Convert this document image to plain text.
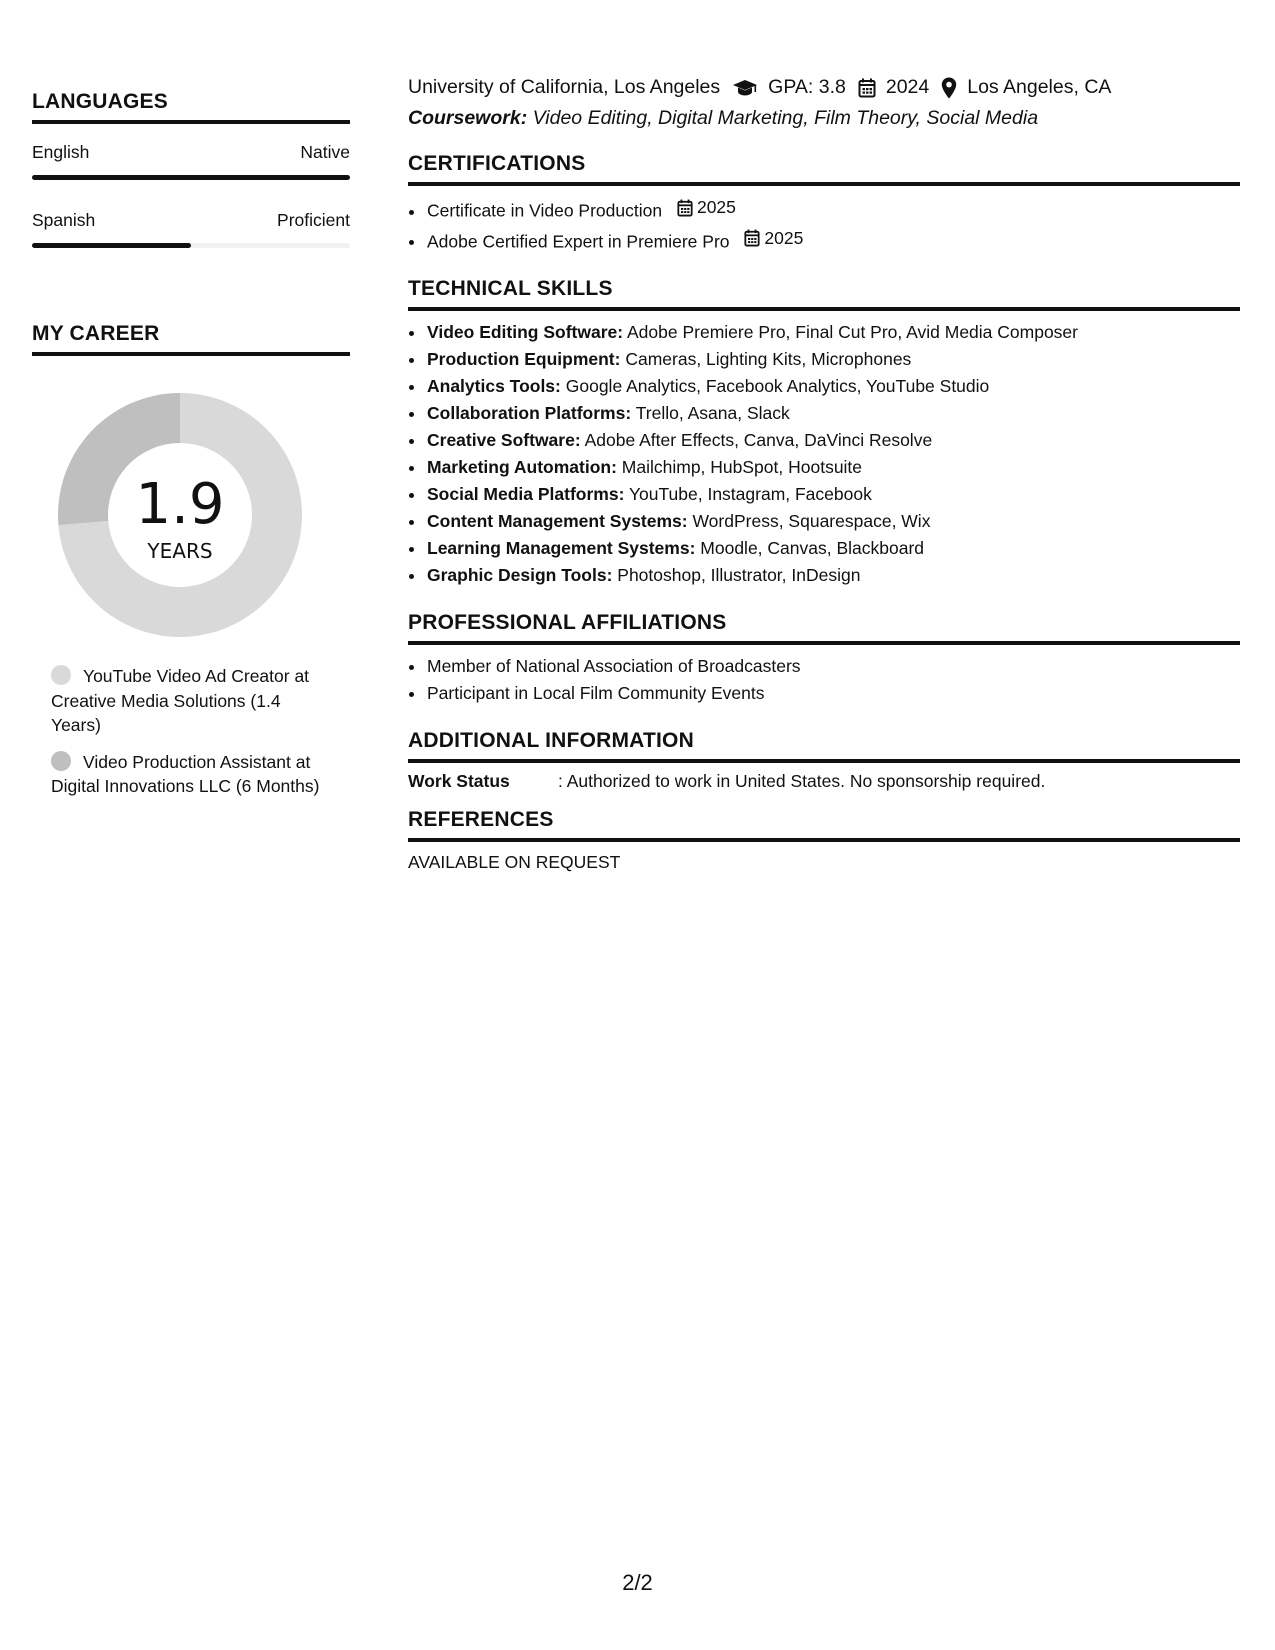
LANGUAGES
English	Native
Spanish	Proficient
MY CAREER
1.9
YEARS
YouTube Video Ad Creator at Creative Media Solutions (1.4 Years)
Video Production Assistant at Digital Innovations LLC (6 Months)
University of California, Los Angeles GPA: 3.8 2024 Los Angeles, CA
Coursework: Video Editing, Digital Marketing, Film Theory, Social Media
CERTIFICATIONS
• Certificate in Video Production 2025
• Adobe Certified Expert in Premiere Pro 2025
TECHNICAL SKILLS
• Video Editing Software: Adobe Premiere Pro, Final Cut Pro, Avid Media Composer
• Production Equipment: Cameras, Lighting Kits, Microphones
• Analytics Tools: Google Analytics, Facebook Analytics, YouTube Studio
• Collaboration Platforms: Trello, Asana, Slack
• Creative Software: Adobe After Effects, Canva, DaVinci Resolve
• Marketing Automation: Mailchimp, HubSpot, Hootsuite
• Social Media Platforms: YouTube, Instagram, Facebook
• Content Management Systems: WordPress, Squarespace, Wix
• Learning Management Systems: Moodle, Canvas, Blackboard
• Graphic Design Tools: Photoshop, Illustrator, InDesign
PROFESSIONAL AFFILIATIONS
• Member of National Association of Broadcasters
• Participant in Local Film Community Events
ADDITIONAL INFORMATION
Work Status	: Authorized to work in United States. No sponsorship required.
REFERENCES
AVAILABLE ON REQUEST
2/2
